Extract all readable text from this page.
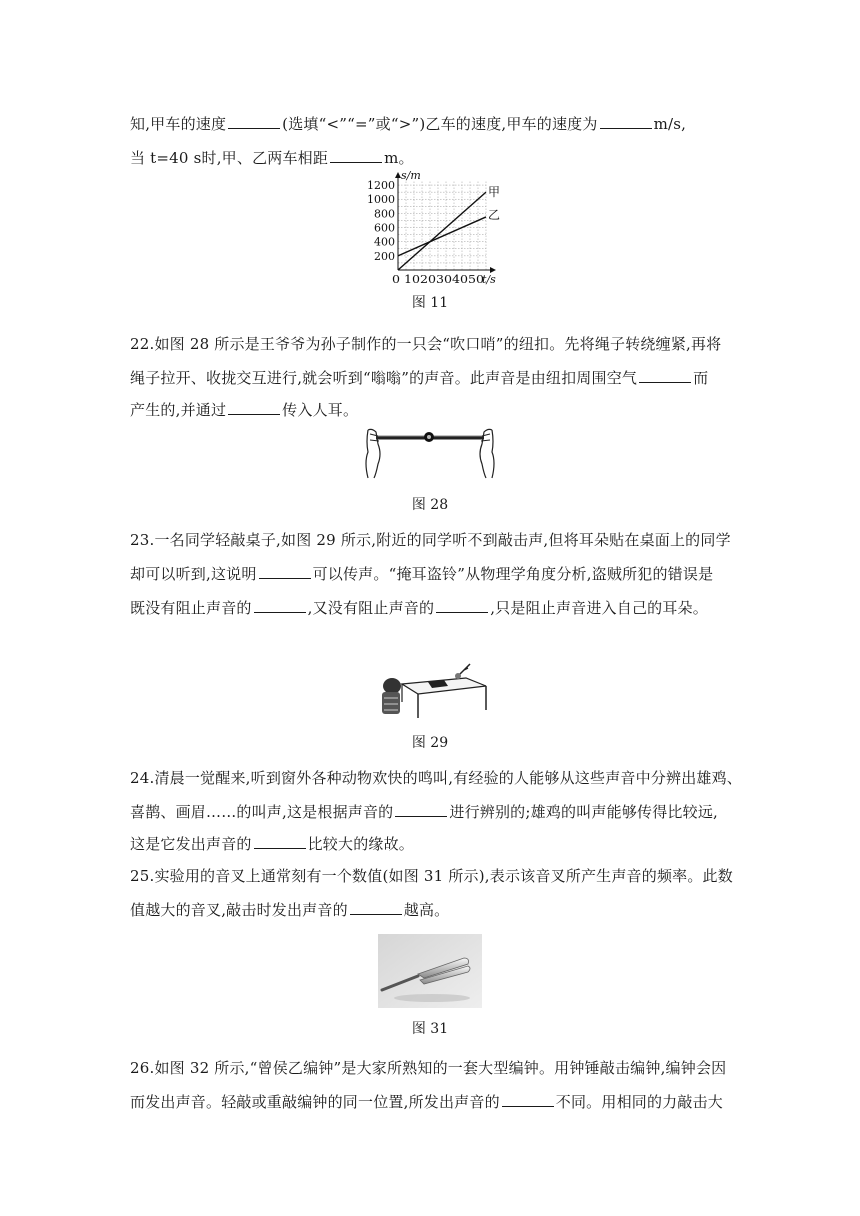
知,甲车的速度	(选填“<”“=”或“>”)乙车的速度,甲车的速度为	m/s,
当 t=40 s时,甲、乙两车相距	m。
200
400
600
800
1000
1200
0 1020304050
s/m
t/s
甲
乙
图 11
22.如图 28 所示是王爷爷为孙子制作的一只会“吹口哨”的纽扣。先将绳子转绕缠紧,再将
绳子拉开、收拢交互进行,就会听到“嗡嗡”的声音。此声音是由纽扣周围空气	而
产生的,并通过	传入人耳。
图 28
23.一名同学轻敲桌子,如图 29 所示,附近的同学听不到敲击声,但将耳朵贴在桌面上的同学
却可以听到,这说明	可以传声。“掩耳盗铃”从物理学角度分析,盗贼所犯的错误是
既没有阻止声音的	,又没有阻止声音的	,只是阻止声音进入自己的耳朵。
图 29
24.清晨一觉醒来,听到窗外各种动物欢快的鸣叫,有经验的人能够从这些声音中分辨出雄鸡、
喜鹊、画眉……的叫声,这是根据声音的	进行辨别的;雄鸡的叫声能够传得比较远,
这是它发出声音的	比较大的缘故。
25.实验用的音叉上通常刻有一个数值(如图 31 所示),表示该音叉所产生声音的频率。此数
值越大的音叉,敲击时发出声音的	越高。
图 31
26.如图 32 所示,“曾侯乙编钟”是大家所熟知的一套大型编钟。用钟锤敲击编钟,编钟会因
而发出声音。轻敲或重敲编钟的同一位置,所发出声音的	不同。用相同的力敲击大
